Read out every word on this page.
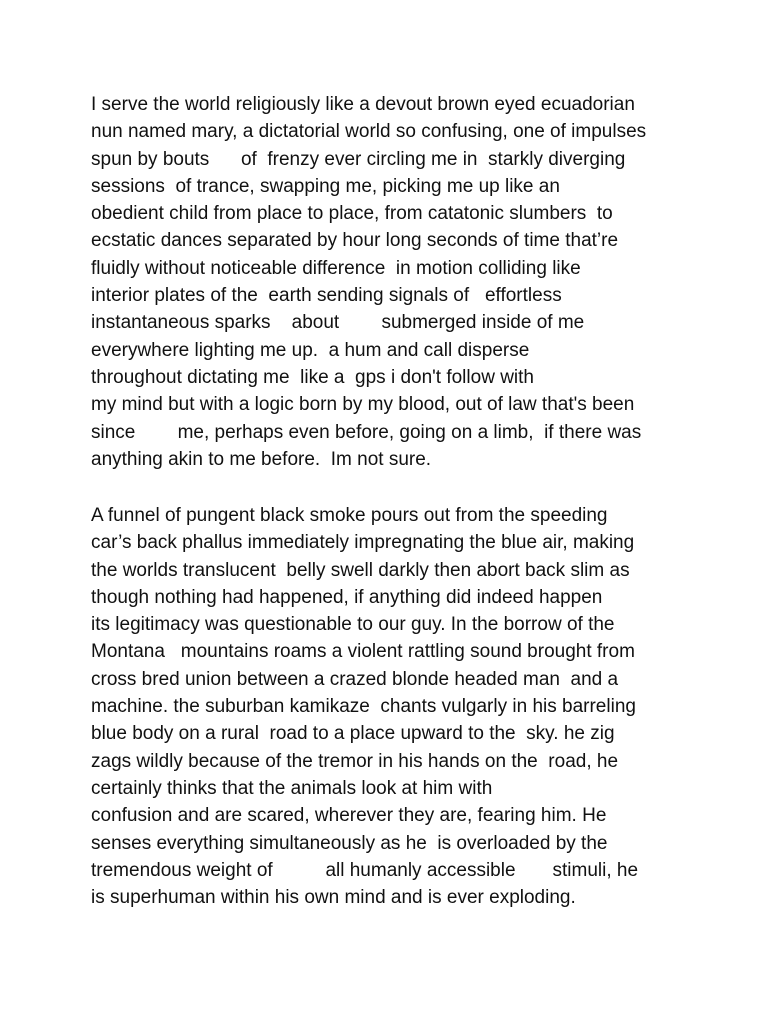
I serve the world religiously like a devout brown eyed ecuadorian
nun named mary, a dictatorial world so confusing, one of impulses
spun by bouts      of  frenzy ever circling me in  starkly diverging
sessions  of trance, swapping me, picking me up like an
obedient child from place to place, from catatonic slumbers  to
ecstatic dances separated by hour long seconds of time that’re
fluidly without noticeable difference  in motion colliding like
interior plates of the  earth sending signals of   effortless
instantaneous sparks    about        submerged inside of me
everywhere lighting me up.  a hum and call disperse
throughout dictating me  like a  gps i don't follow with
my mind but with a logic born by my blood, out of law that's been
since        me, perhaps even before, going on a limb,  if there was
anything akin to me before.  Im not sure.
A funnel of pungent black smoke pours out from the speeding
car’s back phallus immediately impregnating the blue air, making
the worlds translucent  belly swell darkly then abort back slim as
though nothing had happened, if anything did indeed happen
its legitimacy was questionable to our guy. In the borrow of the
Montana   mountains roams a violent rattling sound brought from
cross bred union between a crazed blonde headed man  and a
machine. the suburban kamikaze  chants vulgarly in his barreling
blue body on a rural  road to a place upward to the  sky. he zig
zags wildly because of the tremor in his hands on the  road, he
certainly thinks that the animals look at him with
confusion and are scared, wherever they are, fearing him. He
senses everything simultaneously as he  is overloaded by the
tremendous weight of          all humanly accessible       stimuli, he
is superhuman within his own mind and is ever exploding.
